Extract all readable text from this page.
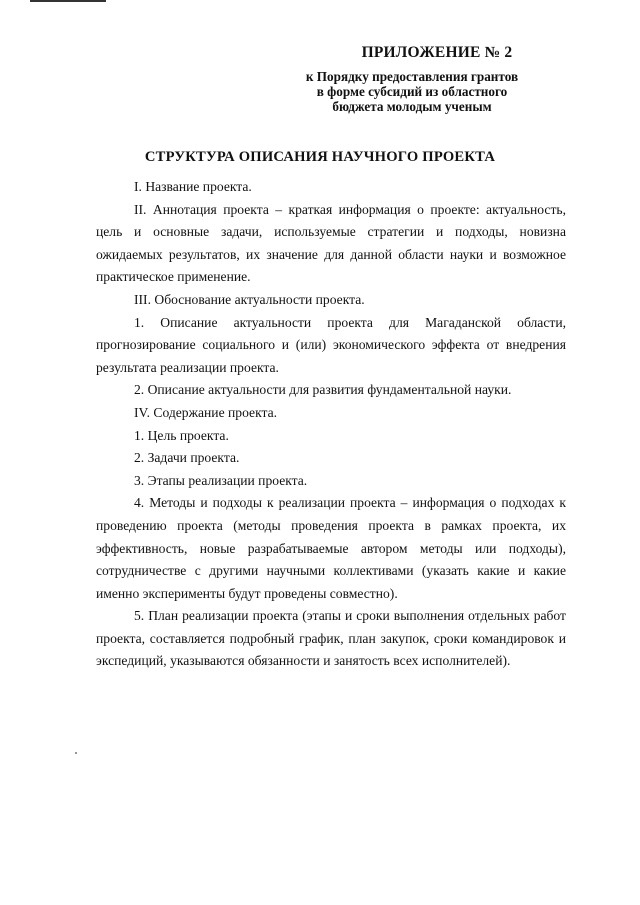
ПРИЛОЖЕНИЕ № 2
к Порядку предоставления грантов
в форме субсидий из областного
бюджета молодым ученым
СТРУКТУРА ОПИСАНИЯ НАУЧНОГО ПРОЕКТА

I. Название проекта.

II. Аннотация проекта – краткая информация о проекте: актуальность, цель и основные задачи, используемые стратегии и подходы, новизна ожидаемых результатов, их значение для данной области науки и возможное практическое применение.

III. Обоснование актуальности проекта.

1. Описание актуальности проекта для Магаданской области, прогнозирование социального и (или) экономического эффекта от внедрения результата реализации проекта.

2. Описание актуальности для развития фундаментальной науки.

IV. Содержание проекта.

1. Цель проекта.

2. Задачи проекта.

3. Этапы реализации проекта.

4. Методы и подходы к реализации проекта – информация о подходах к проведению проекта (методы проведения проекта в рамках проекта, их эффективность, новые разрабатываемые автором методы или подходы), сотрудничестве с другими научными коллективами (указать какие и какие именно эксперименты будут проведены совместно).

5. План реализации проекта (этапы и сроки выполнения отдельных работ проекта, составляется подробный график, план закупок, сроки командировок и экспедиций, указываются обязанности и занятость всех исполнителей).
